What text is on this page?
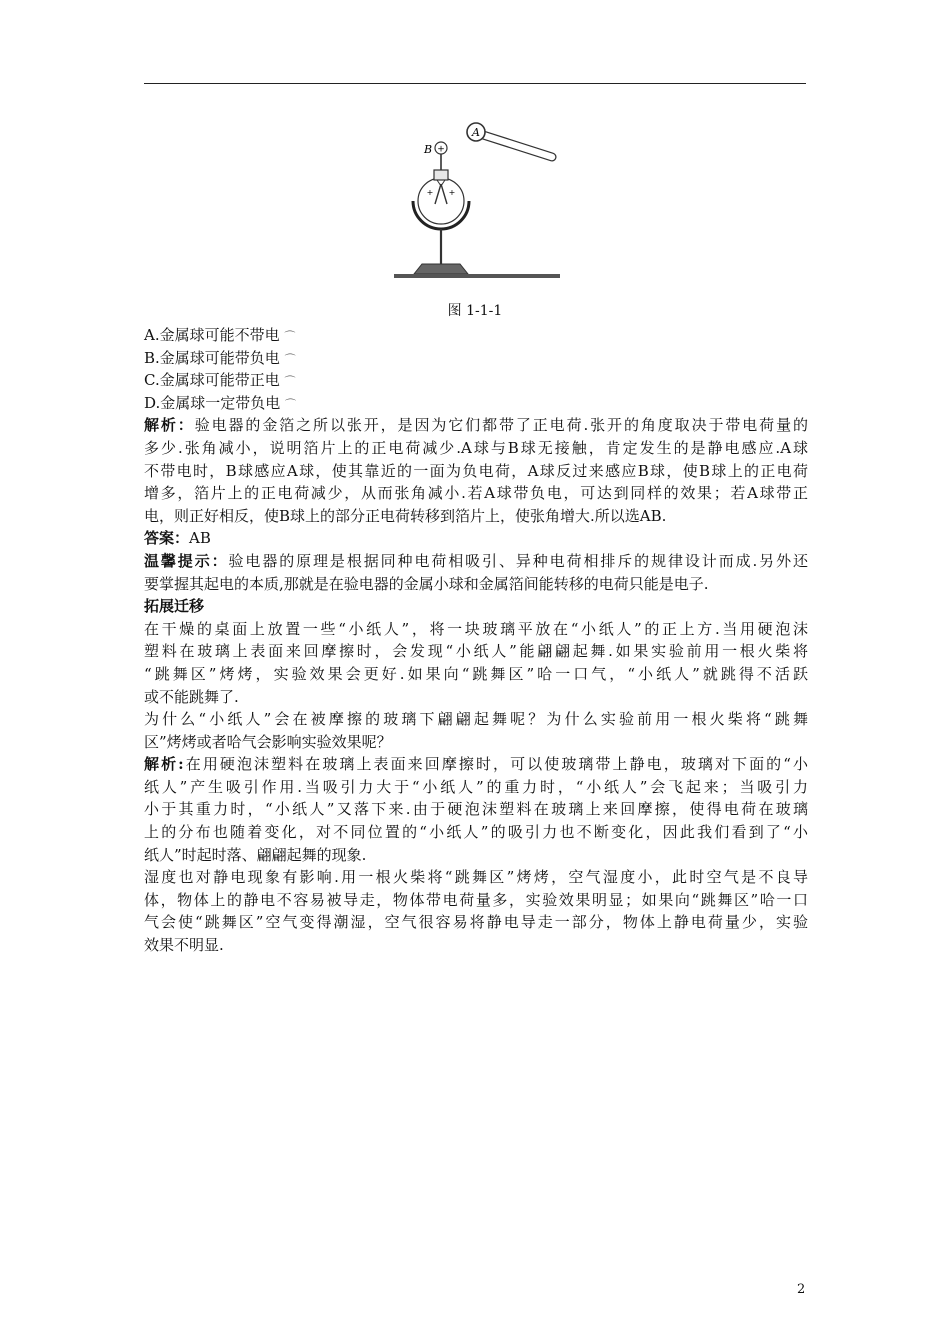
A
B +
+ +
图 1-1-1
A.金属球可能不带电 ⌒
B.金属球可能带负电 ⌒
C.金属球可能带正电 ⌒
D.金属球一定带负电 ⌒
解析：验电器的金箔之所以张开，是因为它们都带了正电荷.张开的角度取决于带电荷量的
多少.张角减小，说明箔片上的正电荷减少.A球与B球无接触，肯定发生的是静电感应.A球
不带电时，B球感应A球，使其靠近的一面为负电荷，A球反过来感应B球，使B球上的正电荷
增多，箔片上的正电荷减少，从而张角减小.若A球带负电，可达到同样的效果；若A球带正
电，则正好相反，使B球上的部分正电荷转移到箔片上，使张角增大.所以选AB.
答案：AB
温馨提示：验电器的原理是根据同种电荷相吸引、异种电荷相排斥的规律设计而成.另外还
要掌握其起电的本质,那就是在验电器的金属小球和金属箔间能转移的电荷只能是电子.
拓展迁移
在干燥的桌面上放置一些“小纸人”，将一块玻璃平放在“小纸人”的正上方.当用硬泡沫
塑料在玻璃上表面来回摩擦时，会发现“小纸人”能翩翩起舞.如果实验前用一根火柴将
“跳舞区”烤烤，实验效果会更好.如果向“跳舞区”哈一口气，“小纸人”就跳得不活跃
或不能跳舞了.
为什么“小纸人”会在被摩擦的玻璃下翩翩起舞呢？为什么实验前用一根火柴将“跳舞
区”烤烤或者哈气会影响实验效果呢？
解析:在用硬泡沫塑料在玻璃上表面来回摩擦时，可以使玻璃带上静电，玻璃对下面的“小
纸人”产生吸引作用.当吸引力大于“小纸人”的重力时，“小纸人”会飞起来；当吸引力
小于其重力时，“小纸人”又落下来.由于硬泡沫塑料在玻璃上来回摩擦，使得电荷在玻璃
上的分布也随着变化，对不同位置的“小纸人”的吸引力也不断变化，因此我们看到了“小
纸人”时起时落、翩翩起舞的现象.
湿度也对静电现象有影响.用一根火柴将“跳舞区”烤烤，空气湿度小，此时空气是不良导
体，物体上的静电不容易被导走，物体带电荷量多，实验效果明显；如果向“跳舞区”哈一口
气会使“跳舞区”空气变得潮湿，空气很容易将静电导走一部分，物体上静电荷量少，实验
效果不明显.
2
